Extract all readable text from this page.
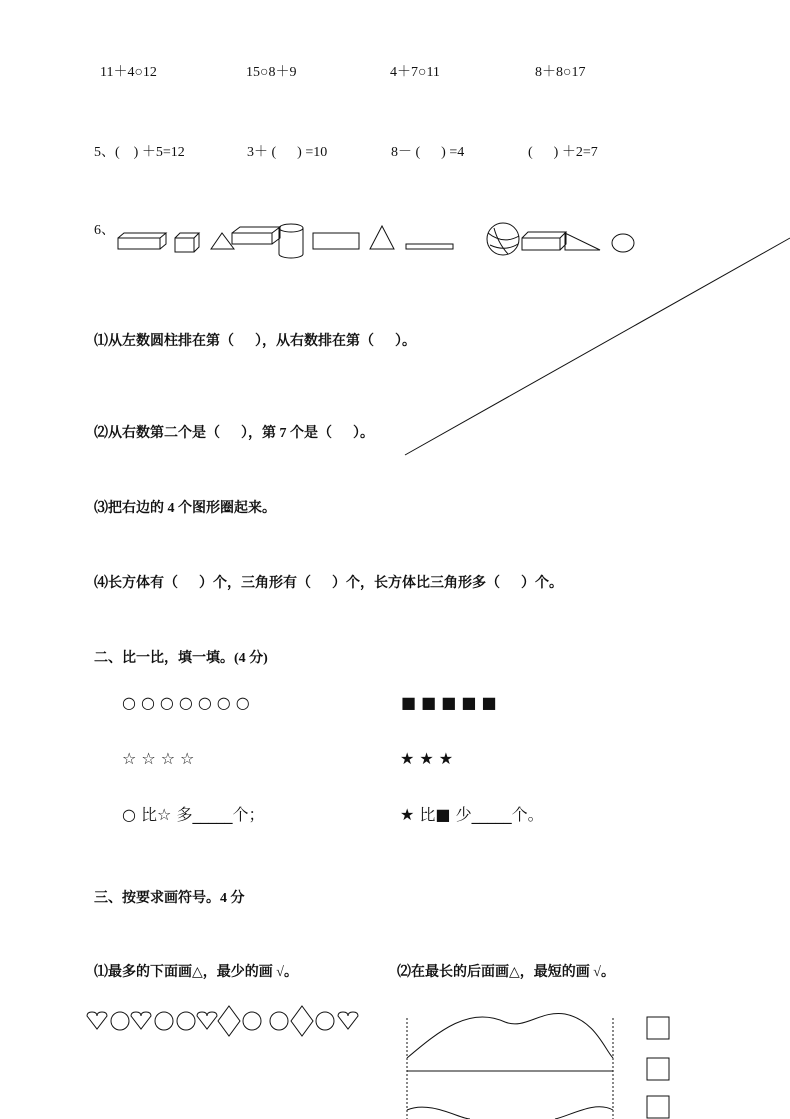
11＋4○12	15○8＋9	4＋7○11	8＋8○17
5、(    ) ＋5=12	3＋ (      ) =10	8－ (      ) =4	(      ) ＋2=7
6、
⑴从左数圆柱排在第（      ），从右数排在第（      ）。
⑵从右数第二个是（      ），第 7 个是（      ）。
⑶把右边的 4 个图形圈起来。
⑷长方体有（      ）个，三角形有（      ）个，长方体比三角形多（      ）个。
二、比一比，填一填。(4 分)
○○○○○○○	■■■■■
☆☆☆☆	★★★
○ 比☆ 多_____个；	★ 比■ 少_____个。
三、按要求画符号。4 分
⑴最多的下面画△，最少的画 √。	⑵在最长的后面画△，最短的画 √。
